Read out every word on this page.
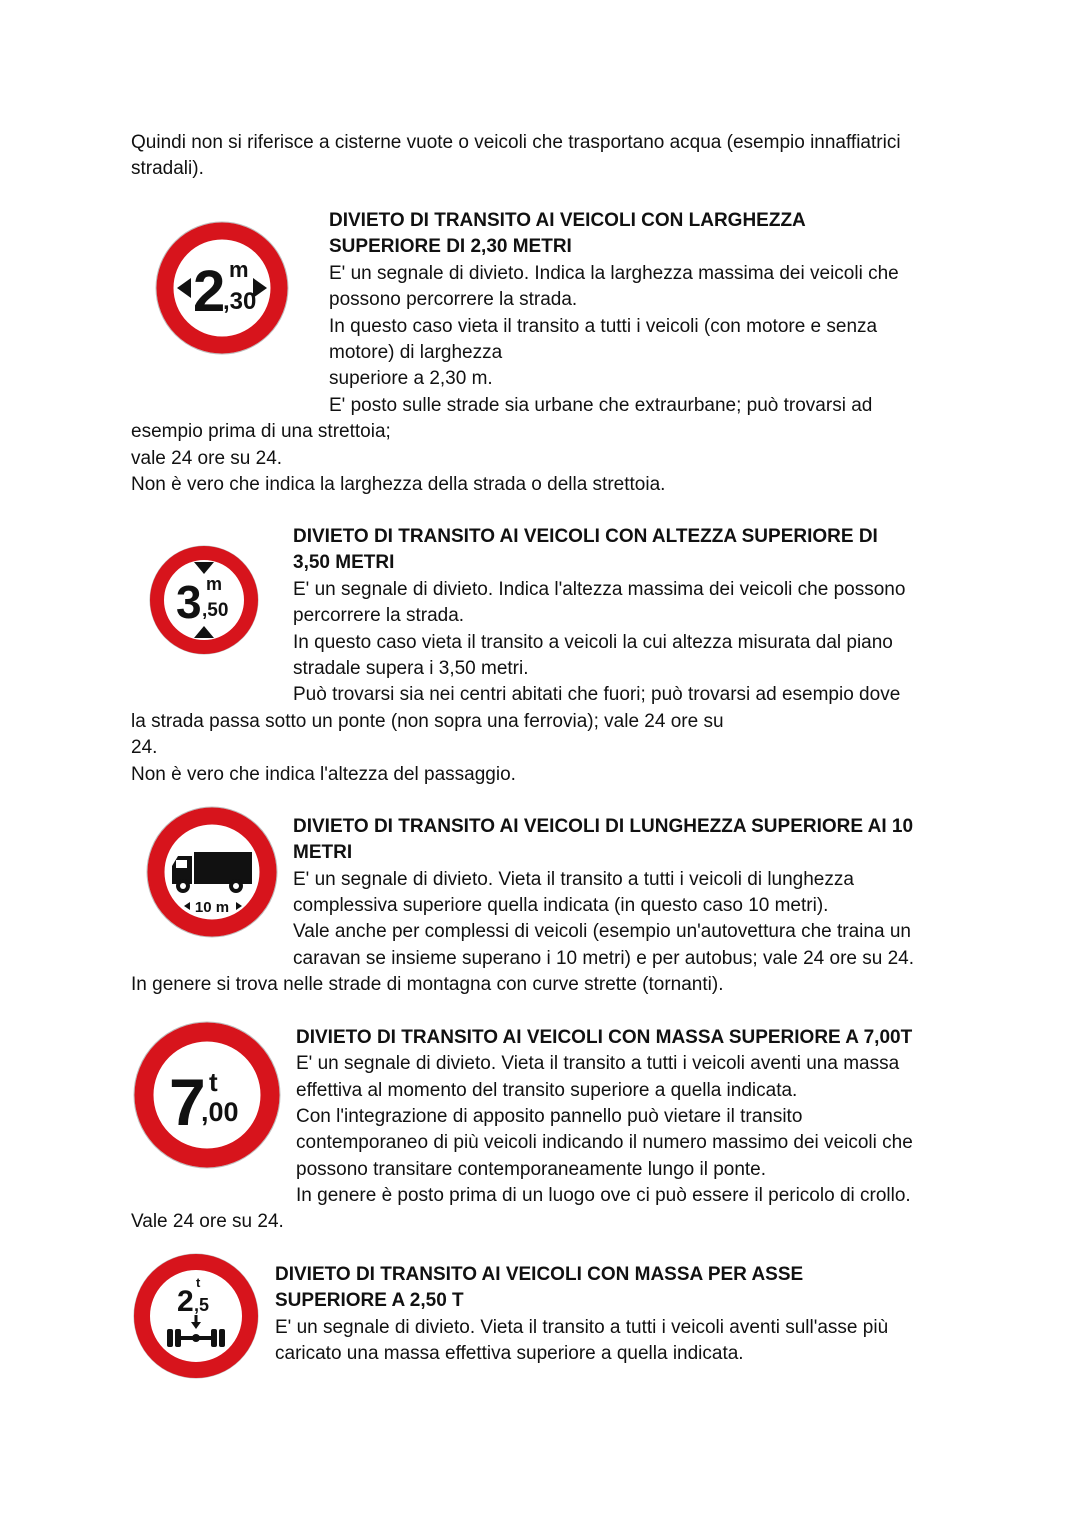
Quindi non si riferisce a cisterne vuote o veicoli che trasportano acqua (esempio innaffiatrici
stradali).
2 m
,30
DIVIETO DI TRANSITO AI VEICOLI CON LARGHEZZA
SUPERIORE DI 2,30 METRI
E' un segnale di divieto. Indica la larghezza massima dei veicoli che
possono percorrere la strada.
In questo caso vieta il transito a tutti i veicoli (con motore e senza
motore) di larghezza
superiore a 2,30 m.
E' posto sulle strade sia urbane che extraurbane; può trovarsi ad
esempio prima di una strettoia;
vale 24 ore su 24.
Non è vero che indica la larghezza della strada o della strettoia.
3 m
,50
DIVIETO DI TRANSITO AI VEICOLI CON ALTEZZA SUPERIORE DI
3,50 METRI
E' un segnale di divieto. Indica l'altezza massima dei veicoli che possono
percorrere la strada.
In questo caso vieta il transito a veicoli la cui altezza misurata dal piano
stradale supera i 3,50 metri.
Può trovarsi sia nei centri abitati che fuori; può trovarsi ad esempio dove
la strada passa sotto un ponte (non sopra una ferrovia); vale 24 ore su
24.
Non è vero che indica l'altezza del passaggio.
10 m
DIVIETO DI TRANSITO AI VEICOLI DI LUNGHEZZA SUPERIORE AI 10
METRI
E' un segnale di divieto. Vieta il transito a tutti i veicoli di lunghezza
complessiva superiore quella indicata (in questo caso 10 metri).
Vale anche per complessi di veicoli (esempio un'autovettura che traina un
caravan se insieme superano i 10 metri) e per autobus; vale 24 ore su 24.
In genere si trova nelle strade di montagna con curve strette (tornanti).
7 t
,00
DIVIETO DI TRANSITO AI VEICOLI CON MASSA SUPERIORE A 7,00T
E' un segnale di divieto. Vieta il transito a tutti i veicoli aventi una massa
effettiva al momento del transito superiore a quella indicata.
Con l'integrazione di apposito pannello può vietare il transito
contemporaneo di più veicoli indicando il numero massimo dei veicoli che
possono transitare contemporaneamente lungo il ponte.
In genere è posto prima di un luogo ove ci può essere il pericolo di crollo.
Vale 24 ore su 24.
2
t
,5
DIVIETO DI TRANSITO AI VEICOLI CON MASSA PER ASSE
SUPERIORE A 2,50 T
E' un segnale di divieto. Vieta il transito a tutti i veicoli aventi sull'asse più
caricato una massa effettiva superiore a quella indicata.
